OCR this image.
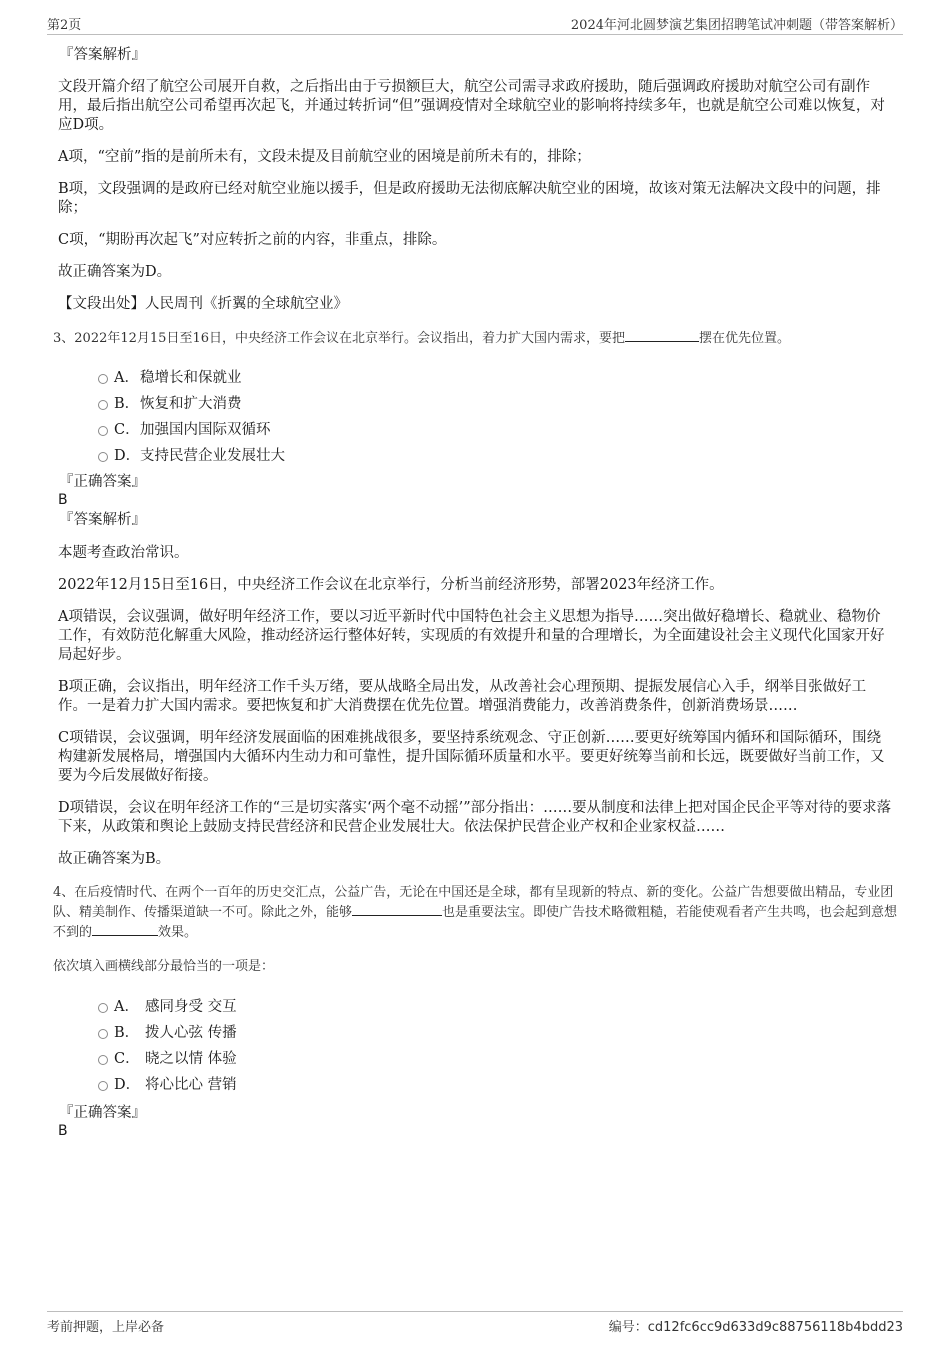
第2页	2024年河北圆梦演艺集团招聘笔试冲刺题（带答案解析）
『答案解析』

文段开篇介绍了航空公司展开自救，之后指出由于亏损额巨大，航空公司需寻求政府援助，随后强调政府援助对航空公司有副作用，最后指出航空公司希望再次起飞，并通过转折词“但”强调疫情对全球航空业的影响将持续多年，也就是航空公司难以恢复，对应D项。

A项，“空前”指的是前所未有，文段未提及目前航空业的困境是前所未有的，排除；

B项，文段强调的是政府已经对航空业施以援手，但是政府援助无法彻底解决航空业的困境，故该对策无法解决文段中的问题，排除；

C项，“期盼再次起飞”对应转折之前的内容，非重点，排除。

故正确答案为D。

【文段出处】人民周刊《折翼的全球航空业》

3、2022年12月15日至16日，中央经济工作会议在北京举行。会议指出，着力扩大国内需求，要把	摆在优先位置。

A．稳增长和保就业
B．恢复和扩大消费
C．加强国内国际双循环
D．支持民营企业发展壮大
『正确答案』
B
『答案解析』

本题考查政治常识。

2022年12月15日至16日，中央经济工作会议在北京举行，分析当前经济形势，部署2023年经济工作。

A项错误，会议强调，做好明年经济工作，要以习近平新时代中国特色社会主义思想为指导……突出做好稳增长、稳就业、稳物价工作，有效防范化解重大风险，推动经济运行整体好转，实现质的有效提升和量的合理增长，为全面建设社会主义现代化国家开好局起好步。

B项正确，会议指出，明年经济工作千头万绪，要从战略全局出发，从改善社会心理预期、提振发展信心入手，纲举目张做好工作。一是着力扩大国内需求。要把恢复和扩大消费摆在优先位置。增强消费能力，改善消费条件，创新消费场景……

C项错误，会议强调，明年经济发展面临的困难挑战很多，要坚持系统观念、守正创新……要更好统筹国内循环和国际循环，围绕构建新发展格局，增强国内大循环内生动力和可靠性，提升国际循环质量和水平。要更好统筹当前和长远，既要做好当前工作，又要为今后发展做好衔接。

D项错误，会议在明年经济工作的“三是切实落实‘两个毫不动摇’”部分指出：……要从制度和法律上把对国企民企平等对待的要求落下来，从政策和舆论上鼓励支持民营经济和民营企业发展壮大。依法保护民营企业产权和企业家权益……

故正确答案为B。

4、在后疫情时代、在两个一百年的历史交汇点，公益广告，无论在中国还是全球，都有呈现新的特点、新的变化。公益广告想要做出精品，专业团队、精美制作、传播渠道缺一不可。除此之外，能够	也是重要法宝。即使广告技术略微粗糙，若能使观看者产生共鸣，也会起到意想不到的	效果。

依次填入画横线部分最恰当的一项是：

A． 感同身受 交互
B． 拨人心弦 传播
C． 晓之以情 体验
D． 将心比心 营销
『正确答案』
B
考前押题，上岸必备	编号：cd12fc6cc9d633d9c88756118b4bdd23
